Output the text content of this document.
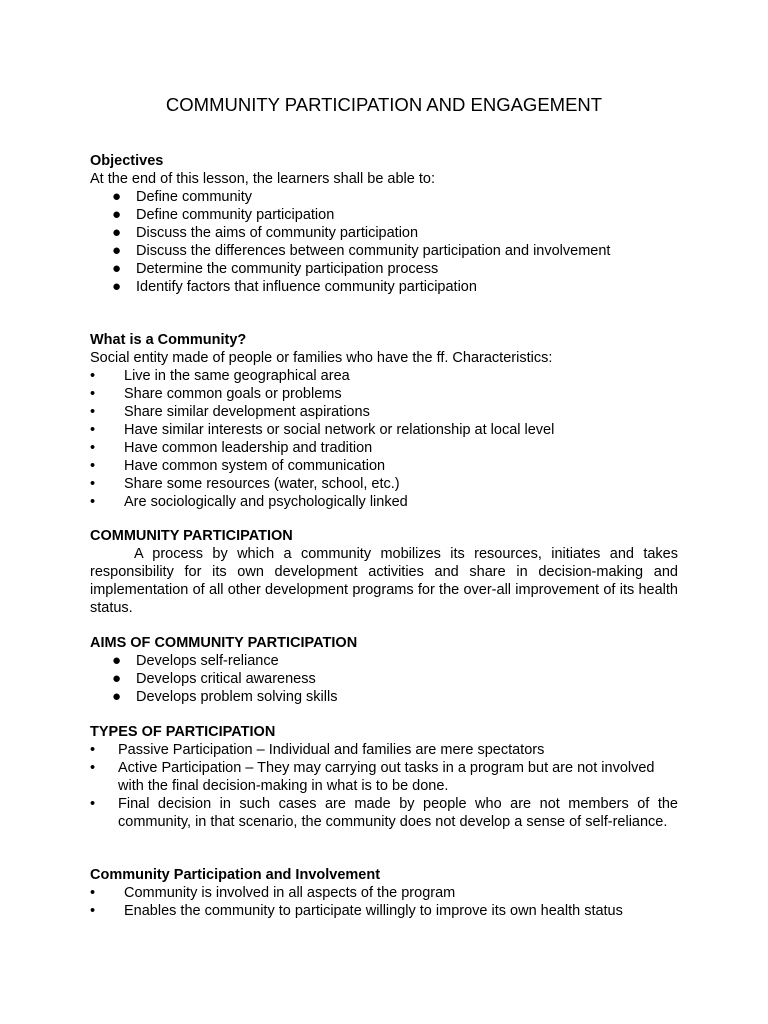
COMMUNITY PARTICIPATION AND ENGAGEMENT

Objectives

At the end of this lesson, the learners shall be able to:

● Define community
● Define community participation
● Discuss the aims of community participation
● Discuss the differences between community participation and involvement
● Determine the community participation process
● Identify factors that influence community participation

What is a Community?

Social entity made of people or families who have the ff. Characteristics:

• Live in the same geographical area
• Share common goals or problems
• Share similar development aspirations
• Have similar interests or social network or relationship at local level
• Have common leadership and tradition
• Have common system of communication
• Share some resources (water, school, etc.)
• Are sociologically and psychologically linked

COMMUNITY PARTICIPATION

A process by which a community mobilizes its resources, initiates and takes responsibility for its own development activities and share in decision-making and implementation of all other development programs for the over-all improvement of its health status.

AIMS OF COMMUNITY PARTICIPATION

● Develops self-reliance
● Develops critical awareness
● Develops problem solving skills

TYPES OF PARTICIPATION

• Passive Participation – Individual and families are mere spectators
• Active Participation – They may carrying out tasks in a program but are not involved with the final decision-making in what is to be done.
• Final decision in such cases are made by people who are not members of the community, in that scenario, the community does not develop a sense of self-reliance.

Community Participation and Involvement

• Community is involved in all aspects of the program
• Enables the community to participate willingly to improve its own health status
